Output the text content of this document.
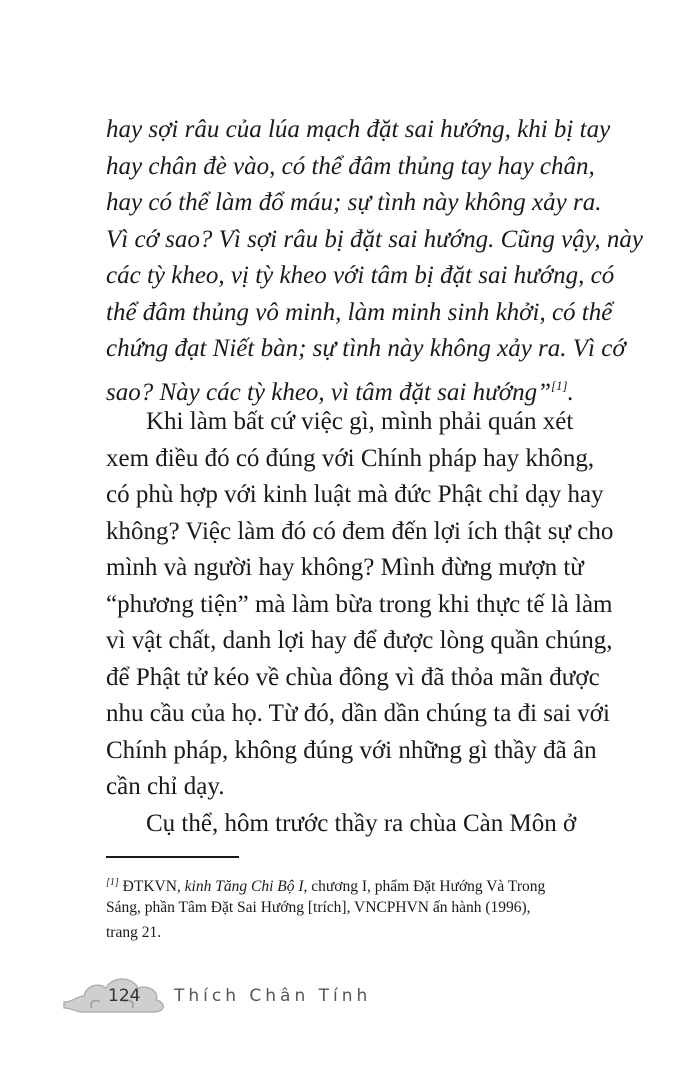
hay sợi râu của lúa mạch đặt sai hướng, khi bị tay
hay chân đè vào, có thể đâm thủng tay hay chân,
hay có thể làm đổ máu; sự tình này không xảy ra.
Vì cớ sao? Vì sợi râu bị đặt sai hướng. Cũng vậy, này
các tỳ kheo, vị tỳ kheo với tâm bị đặt sai hướng, có
thể đâm thủng vô minh, làm minh sinh khởi, có thể
chứng đạt Niết bàn; sự tình này không xảy ra. Vì cớ
sao? Này các tỳ kheo, vì tâm đặt sai hướng”[1].
Khi làm bất cứ việc gì, mình phải quán xét
xem điều đó có đúng với Chính pháp hay không,
có phù hợp với kinh luật mà đức Phật chỉ dạy hay
không? Việc làm đó có đem đến lợi ích thật sự cho
mình và người hay không? Mình đừng mượn từ
“phương tiện” mà làm bừa trong khi thực tế là làm
vì vật chất, danh lợi hay để được lòng quần chúng,
để Phật tử kéo về chùa đông vì đã thỏa mãn được
nhu cầu của họ. Từ đó, dần dần chúng ta đi sai với
Chính pháp, không đúng với những gì thầy đã ân
cần chỉ dạy.
Cụ thể, hôm trước thầy ra chùa Càn Môn ở
[1] ĐTKVN, kinh Tăng Chi Bộ I, chương I, phẩm Đặt Hướng Và Trong
Sáng, phần Tâm Đặt Sai Hướng [trích], VNCPHVN ấn hành (1996),
trang 21.
124 Thích Chân Tính
